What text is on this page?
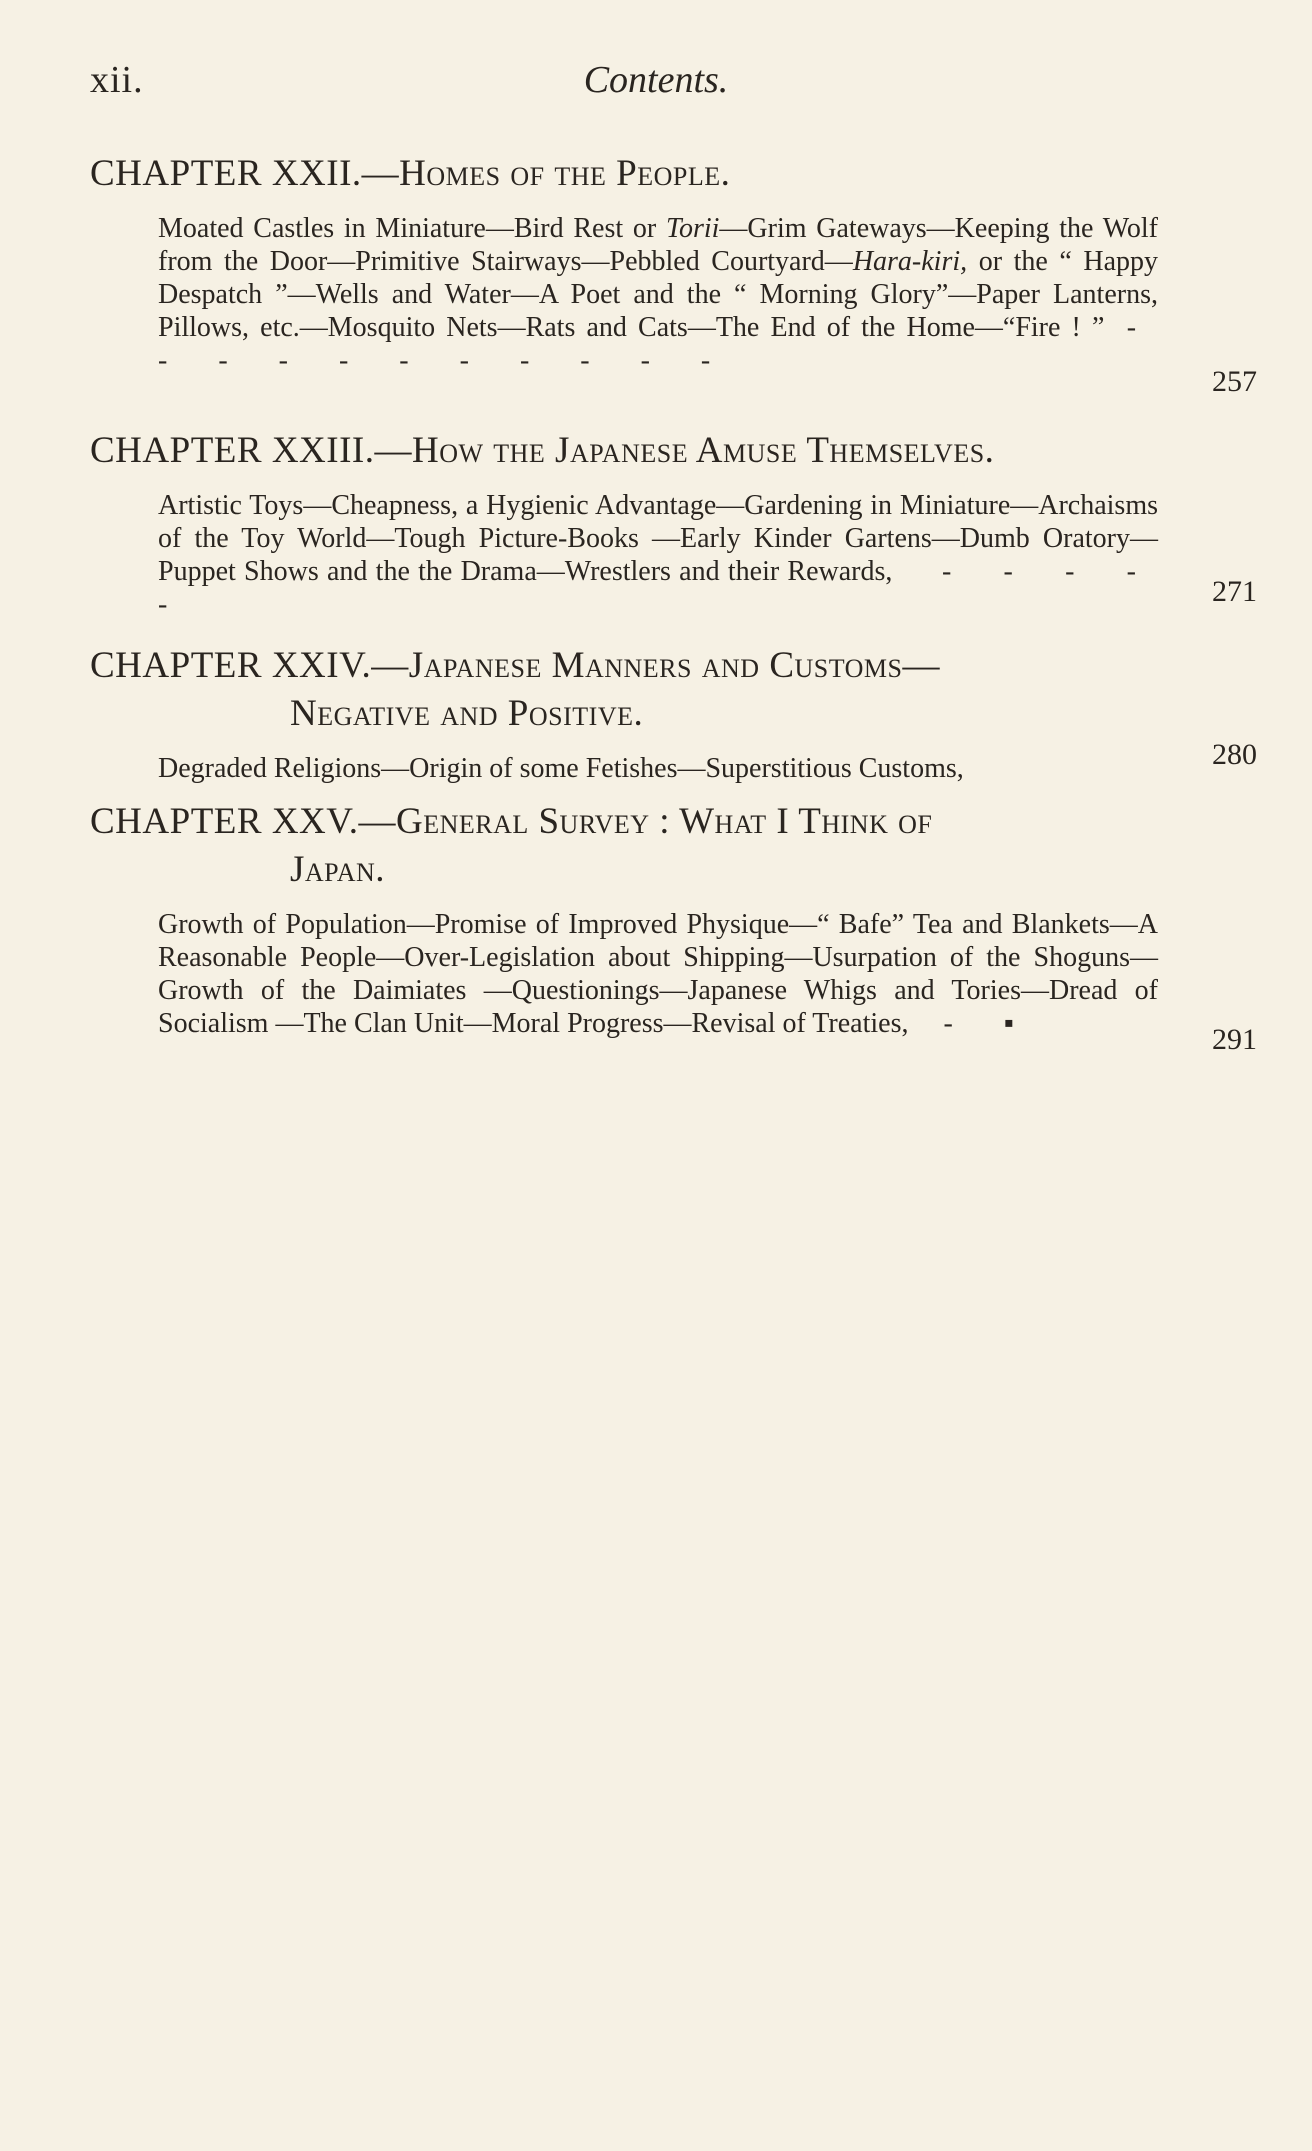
xii.	Contents.
CHAPTER XXII.—Homes of the People.
Moated Castles in Miniature—Bird Rest or Torii—Grim Gateways—Keeping the Wolf from the Door—Primitive Stairways—Pebbled Courtyard—Hara-kiri, or the “ Happy Despatch ”—Wells and Water—A Poet and the “ Morning Glory”—Paper Lanterns, Pillows, etc.—Mosquito Nets—Rats and Cats—The End of the Home—“Fire ! ” - - - - - - - - - - -
257
CHAPTER XXIII.—How the Japanese Amuse Themselves.
Artistic Toys—Cheapness, a Hygienic Advantage—Gardening in Miniature—Archaisms of the Toy World—Tough Picture-Books —Early Kinder Gartens—Dumb Oratory—Puppet Shows and the the Drama—Wrestlers and their Rewards, - - - - -	271
CHAPTER XXIV.—Japanese Manners and Customs—
Negative and Positive.
Degraded Religions—Origin of some Fetishes—Superstitious Customs,	280
CHAPTER XXV.—General Survey : What I Think of
Japan.
Growth of Population—Promise of Improved Physique—“ Bafe” Tea and Blankets—A Reasonable People—Over-Legislation about Shipping—Usurpation of the Shoguns—Growth of the Daimiates —Questionings—Japanese Whigs and Tories—Dread of Socialism —The Clan Unit—Moral Progress—Revisal of Treaties, - ▪	291
